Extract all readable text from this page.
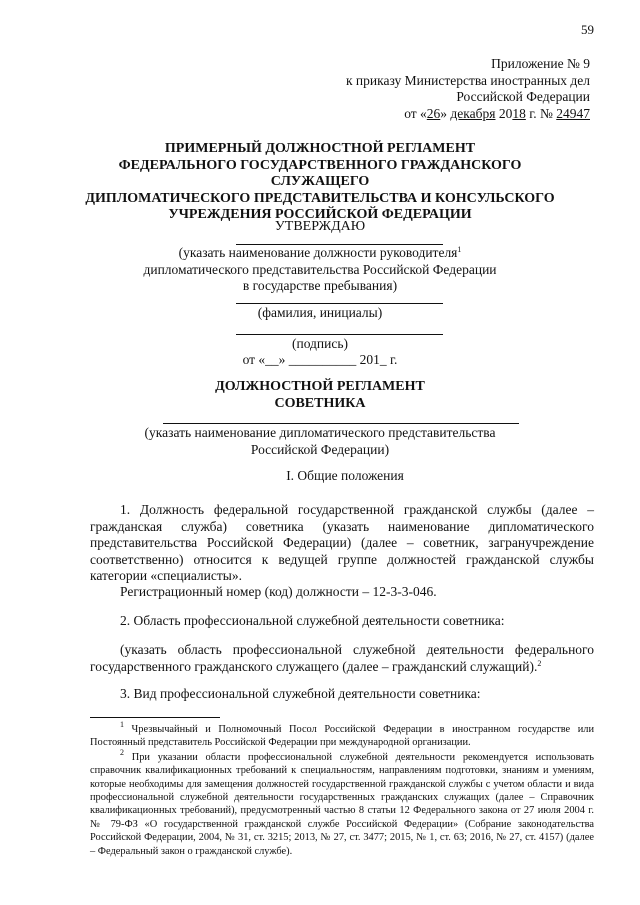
59
Приложение № 9
к приказу Министерства иностранных дел
Российской Федерации
от «26» декабря 2018 г. № 24947
ПРИМЕРНЫЙ ДОЛЖНОСТНОЙ РЕГЛАМЕНТ
ФЕДЕРАЛЬНОГО ГОСУДАРСТВЕННОГО ГРАЖДАНСКОГО СЛУЖАЩЕГО
ДИПЛОМАТИЧЕСКОГО ПРЕДСТАВИТЕЛЬСТВА И КОНСУЛЬСКОГО
УЧРЕЖДЕНИЯ РОССИЙСКОЙ ФЕДЕРАЦИИ
УТВЕРЖДАЮ
(указать наименование должности руководителя$^1$
дипломатического представительства Российской Федерации
в государстве пребывания)
(фамилия, инициалы)
(подпись)
от «__» __________ 201_ г.
ДОЛЖНОСТНОЙ РЕГЛАМЕНТ
СОВЕТНИКА
(указать наименование дипломатического представительства
Российской Федерации)
I. Общие положения
1. Должность федеральной государственной гражданской службы (далее – гражданская служба) советника (указать наименование дипломатического представительства Российской Федерации) (далее – советник, загранучреждение соответственно) относится к ведущей группе должностей гражданской службы категории «специалисты».
Регистрационный номер (код) должности – 12-3-3-046.
2. Область профессиональной служебной деятельности советника:
(указать область профессиональной служебной деятельности федерального государственного гражданского служащего (далее – гражданский служащий).$^2$
3. Вид профессиональной служебной деятельности советника:

$^1$ Чрезвычайный и Полномочный Посол Российской Федерации в иностранном государстве или Постоянный представитель Российской Федерации при международной организации.

$^2$ При указании области профессиональной служебной деятельности рекомендуется использовать справочник квалификационных требований к специальностям, направлениям подготовки, знаниям и умениям, которые необходимы для замещения должностей государственной гражданской службы с учетом области и вида профессиональной служебной деятельности государственных гражданских служащих (далее – Справочник квалификационных требований), предусмотренный частью 8 статьи 12 Федерального закона от 27 июля 2004 г. № 79-ФЗ «О государственной гражданской службе Российской Федерации» (Собрание законодательства Российской Федерации, 2004, № 31, ст. 3215; 2013, № 27, ст. 3477; 2015, № 1, ст. 63; 2016, № 27, ст. 4157) (далее – Федеральный закон о гражданской службе).
